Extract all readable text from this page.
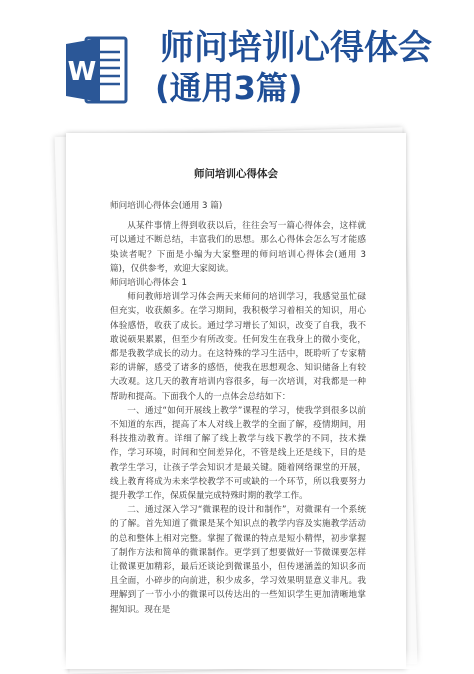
W
师问培训心得体会
(通用3篇)
师问培训心得体会

师问培训心得体会(通用 3 篇)

从某件事情上得到收获以后，往往会写一篇心得体会，这样就可以通过不断总结，丰富我们的思想。那么心得体会怎么写才能感染读者呢？下面是小编为大家整理的师问培训心得体会(通用 3 篇)，仅供参考，欢迎大家阅读。

师问培训心得体会 1

师问教师培训学习体会两天来师问的培训学习，我感觉虽忙碌但充实，收获颇多。在学习期间，我积极学习着相关的知识，用心体验感悟，收获了成长。通过学习增长了知识，改变了自我，我不敢说硕果累累，但至少有所改变。任何发生在我身上的微小变化，都是我教学成长的动力。在这特殊的学习生活中，既聆听了专家精彩的讲解，感受了诸多的感悟，使我在思想观念、知识储备上有较大改观。这几天的教育培训内容很多，每一次培训，对我都是一种帮助和提高。下面我个人的一点体会总结如下：

一、通过“如何开展线上教学”课程的学习，使我学到很多以前不知道的东西，提高了本人对线上教学的全面了解，疫情期间，用科技推动教育。详细了解了线上教学与线下教学的不同，技术操作，学习环境，时间和空间差异化，不管是线上还是线下，目的是教学生学习，让孩子学会知识才是最关键。随着网络课堂的开展，线上教育将成为未来学校教学不可或缺的一个环节，所以我要努力提升教学工作，保质保量完成特殊时期的教学工作。

二、通过深入学习“微课程的设计和制作”，对微课有一个系统的了解。首先知道了微课是某个知识点的教学内容及实施教学活动的总和整体上相对完整。掌握了微课的特点是短小精悍，初步掌握了制作方法和简单的微课制作。更学到了想要做好一节微课要怎样让微课更加精彩，最后还谈论到微课虽小，但传递涵盖的知识多而且全面，小碎步的向前进，积少成多，学习效果明显意义非凡。我理解到了一节小小的微课可以传达出的一些知识学生更加清晰地掌握知识。现在是
